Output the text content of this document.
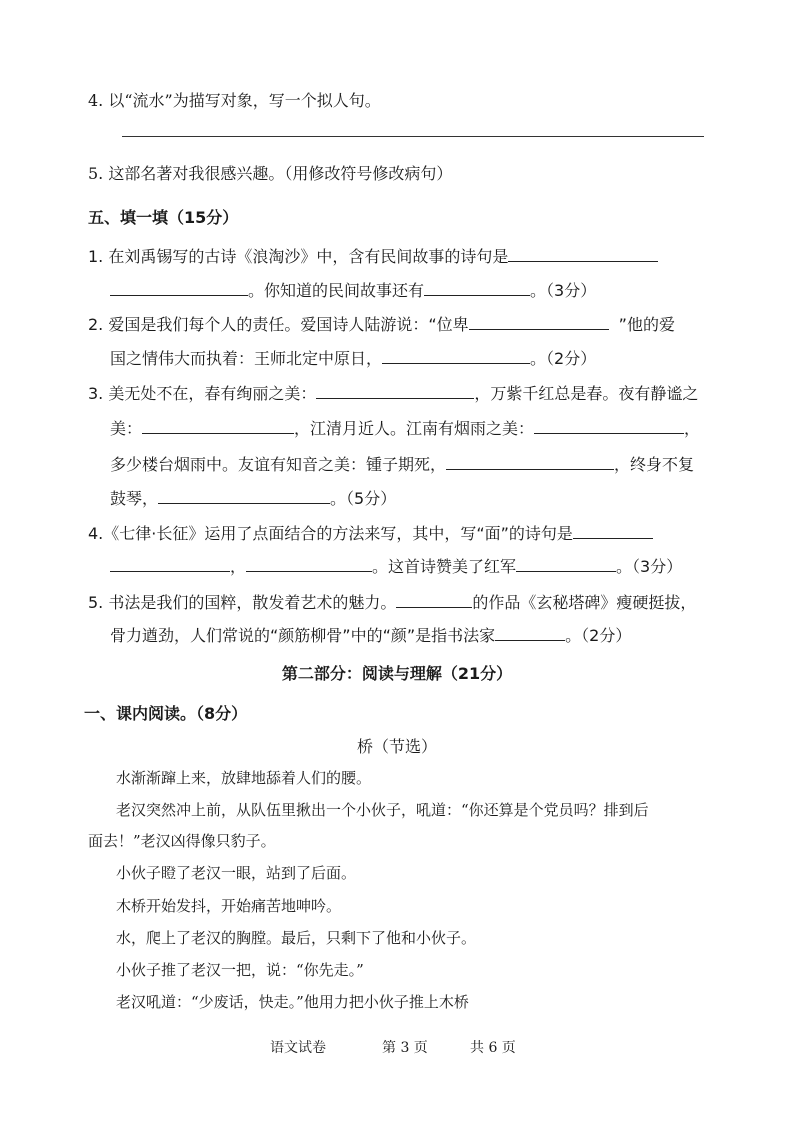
4. 以“流水”为描写对象，写一个拟人句。
5. 这部名著对我很感兴趣。（用修改符号修改病句）
五、填一填（15分）
1. 在刘禹锡写的古诗《浪淘沙》中，含有民间故事的诗句是
。你知道的民间故事还有	。（3分）
2. 爱国是我们每个人的责任。爱国诗人陆游说：“位卑	”他的爱
国之情伟大而执着：王师北定中原日，	。（2分）
3. 美无处不在，春有绚丽之美：	，万紫千红总是春。夜有静谧之
美：	，江清月近人。江南有烟雨之美：	，
多少楼台烟雨中。友谊有知音之美：锺子期死，	，终身不复
鼓琴，	。（5分）
4.《七律·长征》运用了点面结合的方法来写，其中，写“面”的诗句是
，	。这首诗赞美了红军	。（3分）
5. 书法是我们的国粹，散发着艺术的魅力。	的作品《玄秘塔碑》瘦硬挺拔，
骨力遒劲，人们常说的“颜筋柳骨”中的“颜”是指书法家	。（2分）
第二部分：阅读与理解（21分）
一、课内阅读。（8分）
桥（节选）
水渐渐蹿上来，放肆地舔着人们的腰。
老汉突然冲上前，从队伍里揪出一个小伙子，吼道：“你还算是个党员吗？排到后
面去！”老汉凶得像只豹子。
小伙子瞪了老汉一眼，站到了后面。
木桥开始发抖，开始痛苦地呻吟。
水，爬上了老汉的胸膛。最后，只剩下了他和小伙子。
小伙子推了老汉一把，说：“你先走。”
老汉吼道：“少废话，快走。”他用力把小伙子推上木桥
语文试卷	第 3 页	共 6 页
